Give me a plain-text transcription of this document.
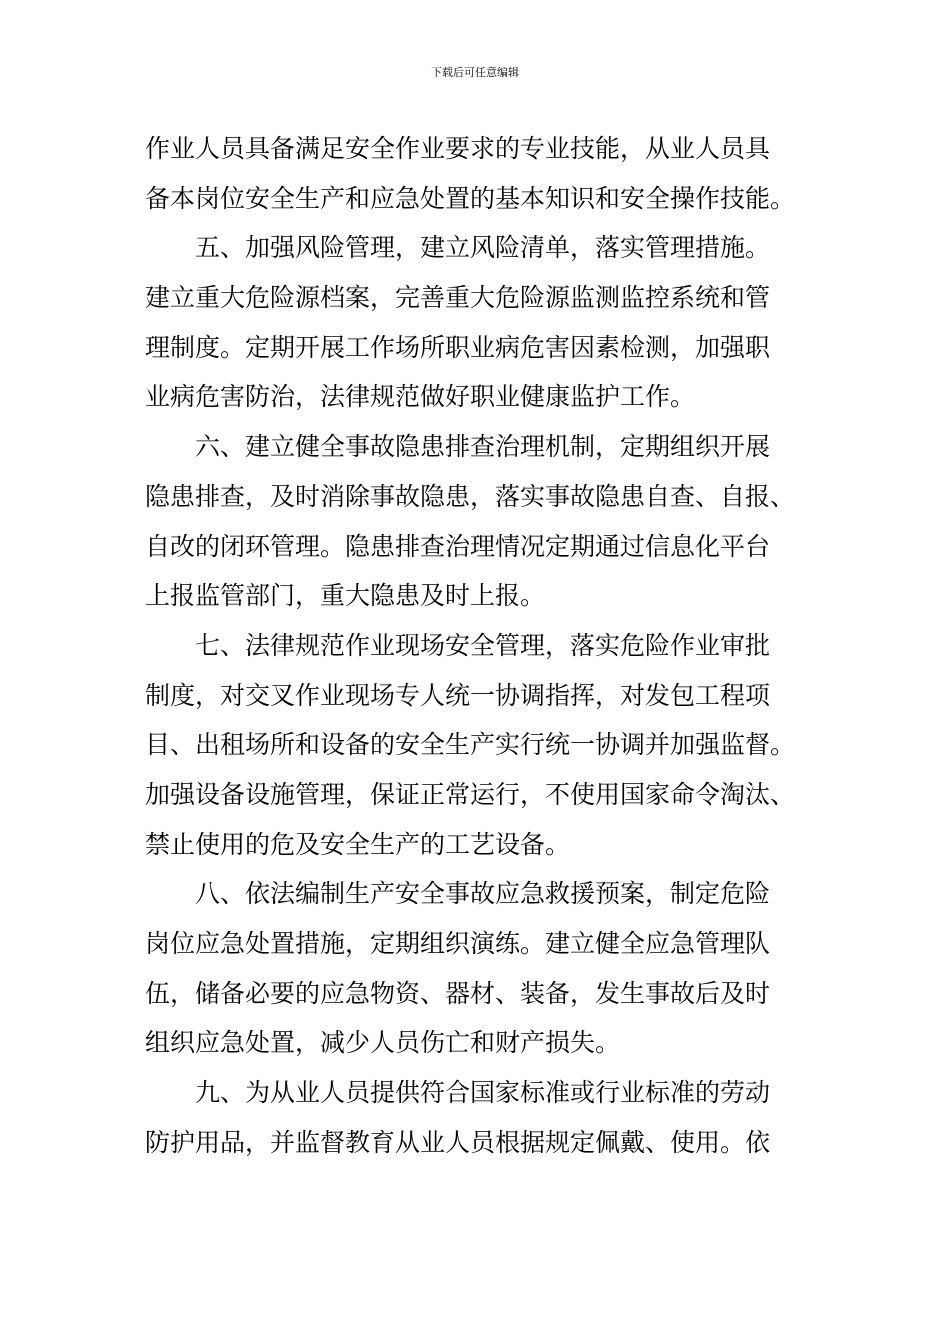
下载后可任意编辑
作业人员具备满足安全作业要求的专业技能，从业人员具
备本岗位安全生产和应急处置的基本知识和安全操作技能。
五、加强风险管理，建立风险清单，落实管理措施。
建立重大危险源档案，完善重大危险源监测监控系统和管
理制度。定期开展工作场所职业病危害因素检测，加强职
业病危害防治，法律规范做好职业健康监护工作。
六、建立健全事故隐患排查治理机制，定期组织开展
隐患排查，及时消除事故隐患，落实事故隐患自查、自报、
自改的闭环管理。隐患排查治理情况定期通过信息化平台
上报监管部门，重大隐患及时上报。
七、法律规范作业现场安全管理，落实危险作业审批
制度，对交叉作业现场专人统一协调指挥，对发包工程项
目、出租场所和设备的安全生产实行统一协调并加强监督。
加强设备设施管理，保证正常运行，不使用国家命令淘汰、
禁止使用的危及安全生产的工艺设备。
八、依法编制生产安全事故应急救援预案，制定危险
岗位应急处置措施，定期组织演练。建立健全应急管理队
伍，储备必要的应急物资、器材、装备，发生事故后及时
组织应急处置，减少人员伤亡和财产损失。
九、为从业人员提供符合国家标准或行业标准的劳动
防护用品，并监督教育从业人员根据规定佩戴、使用。依
